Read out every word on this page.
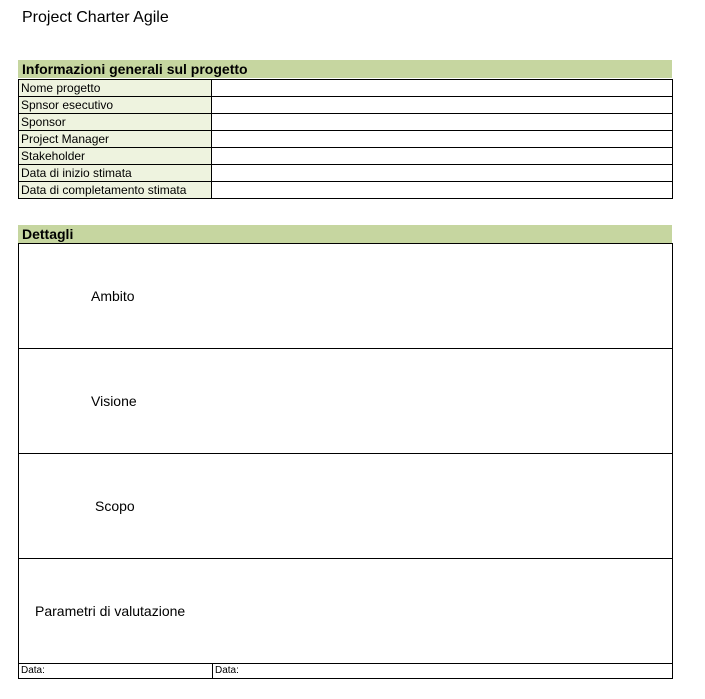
Project Charter Agile
Informazioni generali sul progetto
Nome progetto	
Spnsor esecutivo	
Sponsor	
Project Manager	
Stakeholder	
Data di inizio stimata	
Data di completamento stimata	
Dettagli
Ambito
Visione
Scopo
Parametri di valutazione
Data:	Data:
